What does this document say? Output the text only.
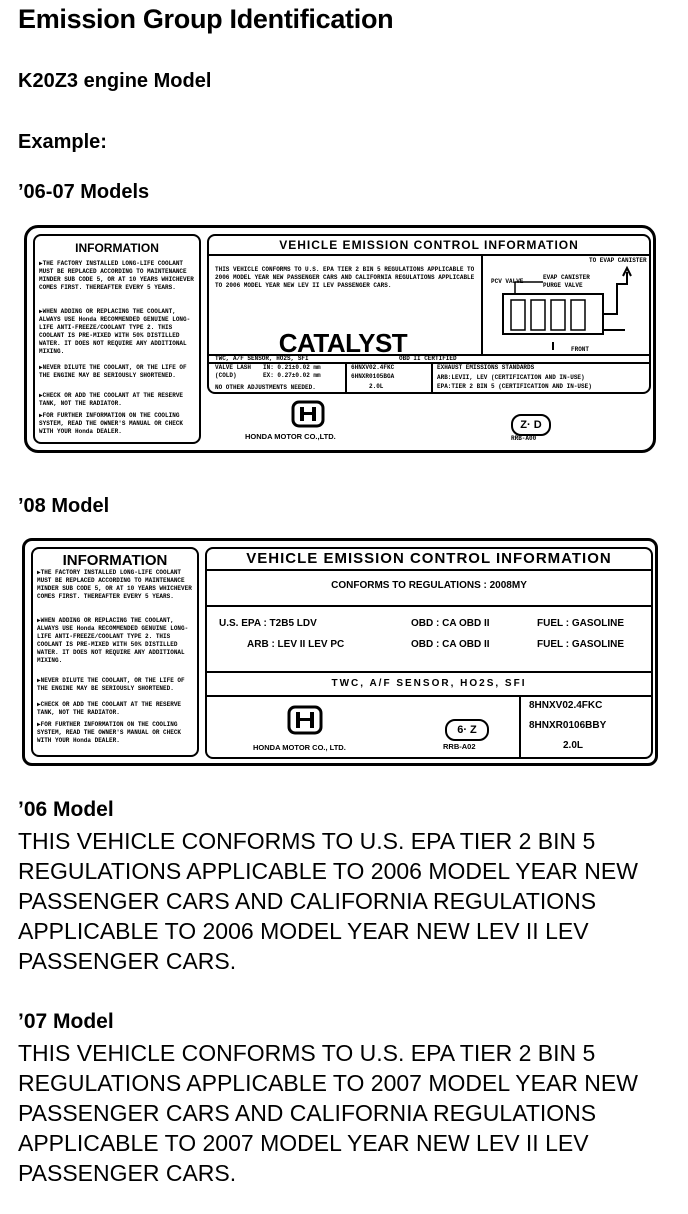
Emission Group Identification
K20Z3 engine Model
Example:
’06-07 Models
INFORMATION
▶THE FACTORY INSTALLED LONG-LIFE COOLANT MUST BE REPLACED ACCORDING TO MAINTENANCE MINDER SUB CODE 5, OR AT 10 YEARS WHICHEVER COMES FIRST. THEREAFTER EVERY 5 YEARS.
▶WHEN ADDING OR REPLACING THE COOLANT, ALWAYS USE Honda RECOMMENDED GENUINE LONG-LIFE ANTI-FREEZE/COOLANT TYPE 2. THIS COOLANT IS PRE-MIXED WITH 50% DISTILLED WATER. IT DOES NOT REQUIRE ANY ADDITIONAL MIXING.
▶NEVER DILUTE THE COOLANT, OR THE LIFE OF THE ENGINE MAY BE SERIOUSLY SHORTENED.
▶CHECK OR ADD THE COOLANT AT THE RESERVE TANK, NOT THE RADIATOR.
▶FOR FURTHER INFORMATION ON THE COOLING SYSTEM, READ THE OWNER'S MANUAL OR CHECK WITH YOUR Honda DEALER.
VEHICLE EMISSION CONTROL INFORMATION
THIS VEHICLE CONFORMS TO U.S. EPA TIER 2 BIN 5 REGULATIONS APPLICABLE TO 2006 MODEL YEAR NEW PASSENGER CARS AND CALIFORNIA REGULATIONS APPLICABLE TO 2006 MODEL YEAR NEW LEV II LEV PASSENGER CARS.
TO EVAP CANISTER
PCV VALVE
EVAP CANISTER PURGE VALVE
FRONT
CATALYST
TWC, A/F SENSOR, HO2S, SFI	OBD II CERTIFIED
VALVE LASH (COLD)
IN: 0.21±0.02 mm
EX: 0.27±0.02 mm
NO OTHER ADJUSTMENTS NEEDED.
6HNXV02.4FKC
6HNXR0105BGA
2.0L
EXHAUST EMISSIONS STANDARDS
ARB:LEVII, LEV (CERTIFICATION AND IN-USE)
EPA:TIER 2 BIN 5 (CERTIFICATION AND IN-USE)
HONDA MOTOR CO.,LTD.
Z· D
RRB-A00
’08 Model
INFORMATION
▶THE FACTORY INSTALLED LONG-LIFE COOLANT MUST BE REPLACED ACCORDING TO MAINTENANCE MINDER SUB CODE 5, OR AT 10 YEARS WHICHEVER COMES FIRST. THEREAFTER EVERY 5 YEARS.
▶WHEN ADDING OR REPLACING THE COOLANT, ALWAYS USE Honda RECOMMENDED GENUINE LONG-LIFE ANTI-FREEZE/COOLANT TYPE 2. THIS COOLANT IS PRE-MIXED WITH 50% DISTILLED WATER. IT DOES NOT REQUIRE ANY ADDITIONAL MIXING.
▶NEVER DILUTE THE COOLANT, OR THE LIFE OF THE ENGINE MAY BE SERIOUSLY SHORTENED.
▶CHECK OR ADD THE COOLANT AT THE RESERVE TANK, NOT THE RADIATOR.
▶FOR FURTHER INFORMATION ON THE COOLING SYSTEM, READ THE OWNER'S MANUAL OR CHECK WITH YOUR Honda DEALER.
VEHICLE EMISSION CONTROL INFORMATION
CONFORMS TO REGULATIONS : 2008MY
U.S. EPA : T2B5 LDV	OBD : CA OBD II	FUEL : GASOLINE
ARB : LEV II LEV PC	OBD : CA OBD II	FUEL : GASOLINE
TWC, A/F SENSOR, HO2S, SFI
HONDA MOTOR CO., LTD.
6· Z
RRB-A02
8HNXV02.4FKC
8HNXR0106BBY
2.0L
’06 Model
THIS VEHICLE CONFORMS TO U.S. EPA TIER 2 BIN 5 REGULATIONS APPLICABLE TO 2006 MODEL YEAR NEW PASSENGER CARS AND CALIFORNIA REGULATIONS APPLICABLE TO 2006 MODEL YEAR NEW LEV II LEV PASSENGER CARS.
’07 Model
THIS VEHICLE CONFORMS TO U.S. EPA TIER 2 BIN 5 REGULATIONS APPLICABLE TO 2007 MODEL YEAR NEW PASSENGER CARS AND CALIFORNIA REGULATIONS APPLICABLE TO 2007 MODEL YEAR NEW LEV II LEV PASSENGER CARS.
